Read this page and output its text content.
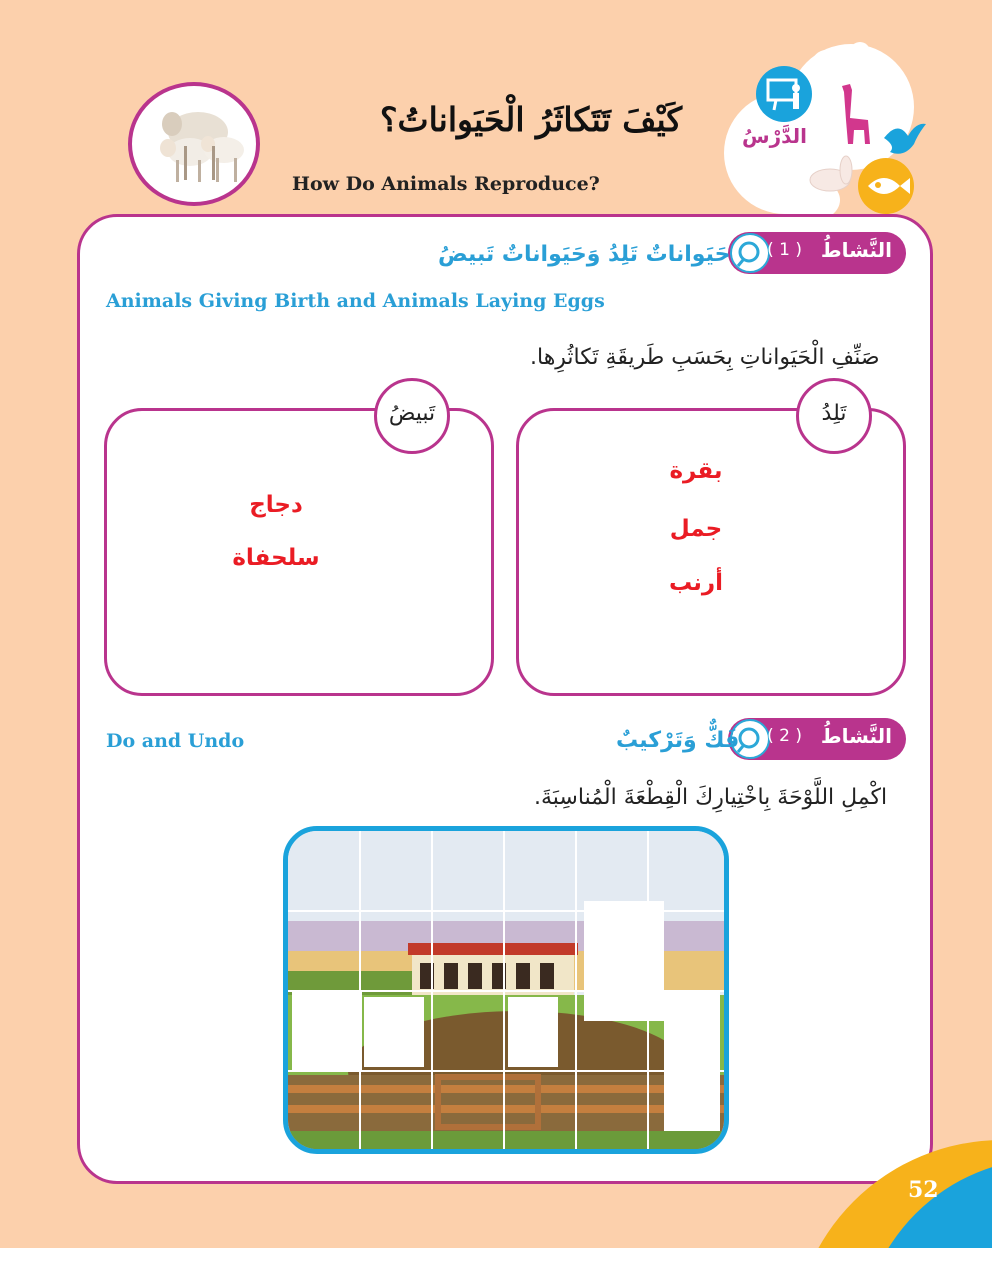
كَيْفَ تَتَكاثَرُ الْحَيَواناتُ؟
How Do Animals Reproduce?
الدَّرْسُ
( 1 ) النَّشاطُ
حَيَواناتٌ تَلِدُ وَحَيَواناتٌ تَبيضُ
Animals Giving Birth and Animals Laying Eggs
صَنِّفِ الْحَيَواناتِ بِحَسَبِ طَريقَةِ تَكاثُرِها.
تَبيضُ
دجاج
سلحفاة
تَلِدُ
بقرة
جمل
أرنب
( 2 ) النَّشاطُ
فَكٌّ وَتَرْكيبٌ
Do and Undo
اكْمِلِ اللَّوْحَةَ بِاخْتِيارِكَ الْقِطْعَةَ الْمُناسِبَةَ.
52
